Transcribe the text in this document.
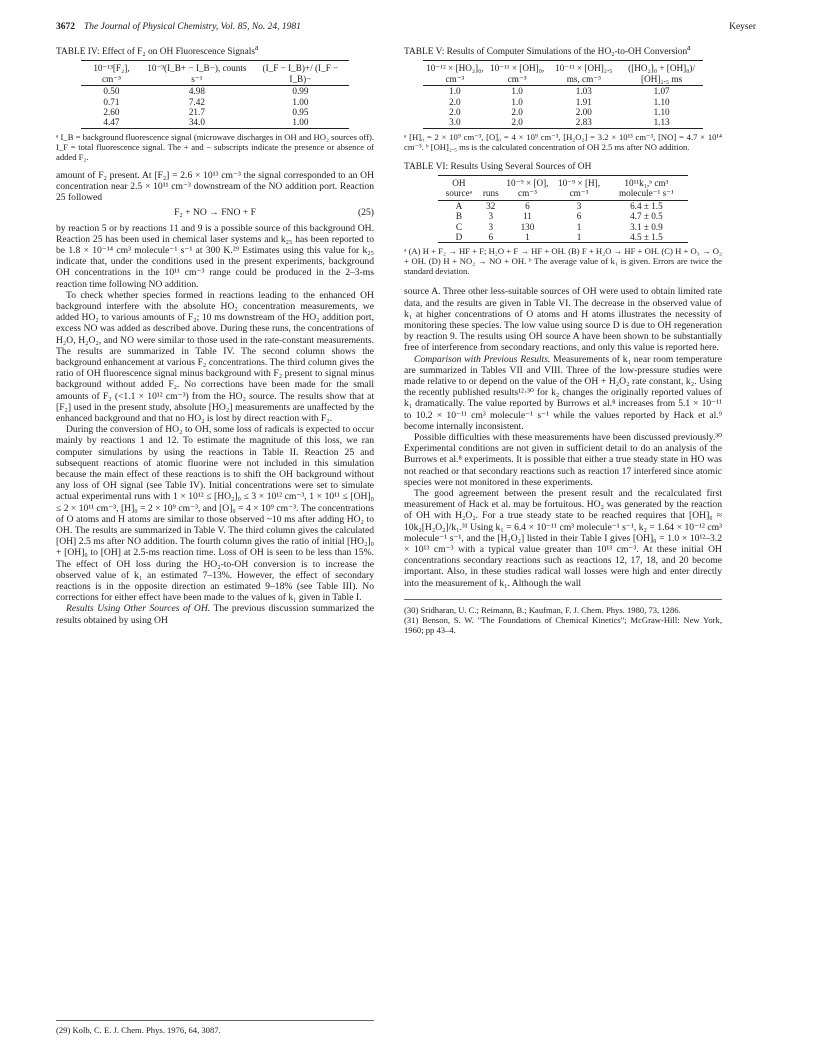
3672 The Journal of Physical Chemistry, Vol. 85, No. 24, 1981	Keyser
TABLE IV: Effect of F₂ on OH Fluorescence Signals$^a$
10⁻¹³[F₂], cm⁻³	10⁻³(I_B+ − I_B−), counts s⁻¹	(I_F − I_B)+/ (I_F − I_B)−
0.50	4.98	0.99
0.71	7.42	1.00
2.60	21.7	0.95
4.47	34.0	1.00
ᵃ I_B = background fluorescence signal (microwave discharges in OH and HO₂ sources off). I_F = total fluorescence signal. The + and − subscripts indicate the presence or absence of added F₂.

amount of F₂ present. At [F₂] = 2.6 × 10¹³ cm⁻³ the signal corresponded to an OH concentration near 2.5 × 10¹¹ cm⁻³ downstream of the NO addition port. Reaction 25 followed

F₂ + NO → FNO + F	(25)

by reaction 5 or by reactions 11 and 9 is a possible source of this background OH. Reaction 25 has been used in chemical laser systems and k₂₅ has been reported to be 1.8 × 10⁻¹⁴ cm³ molecule⁻¹ s⁻¹ at 300 K.²⁹ Estimates using this value for k₂₅ indicate that, under the conditions used in the present experiments, background OH concentrations in the 10¹¹ cm⁻³ range could be produced in the 2–3-ms reaction time following NO addition.

To check whether species formed in reactions leading to the enhanced OH background interfere with the absolute HO₂ concentration measurements, we added HO₂ to various amounts of F₂; 10 ms downstream of the HO₂ addition port, excess NO was added as described above. During these runs, the concentrations of H₂O, H₂O₂, and NO were similar to those used in the rate-constant measurements. The results are summarized in Table IV. The second column shows the background enhancement at various F₂ concentrations. The third column gives the ratio of OH fluorescence signal minus background with F₂ present to signal minus background without added F₂. No corrections have been made for the small amounts of F₂ (<1.1 × 10¹² cm⁻³) from the HO₂ source. The results show that at [F₂] used in the present study, absolute [HO₂] measurements are unaffected by the enhanced background and that no HO₂ is lost by direct reaction with F₂.

During the conversion of HO₂ to OH, some loss of radicals is expected to occur mainly by reactions 1 and 12. To estimate the magnitude of this loss, we ran computer simulations by using the reactions in Table II. Reaction 25 and subsequent reactions of atomic fluorine were not included in this simulation because the main effect of these reactions is to shift the OH background without any loss of OH signal (see Table IV). Initial concentrations were set to simulate actual experimental runs with 1 × 10¹² ≤ [HO₂]₀ ≤ 3 × 10¹² cm⁻³, 1 × 10¹¹ ≤ [OH]₀ ≤ 2 × 10¹¹ cm⁻³, [H]₀ = 2 × 10⁹ cm⁻³, and [O]₀ = 4 × 10⁹ cm⁻³. The concentrations of O atoms and H atoms are similar to those observed ~10 ms after adding HO₂ to OH. The results are summarized in Table V. The third column gives the calculated [OH] 2.5 ms after NO addition. The fourth column gives the ratio of initial [HO₂]₀ + [OH]₀ to [OH] at 2.5-ms reaction time. Loss of OH is seen to be less than 15%. The effect of OH loss during the HO₂-to-OH conversion is to increase the observed value of k₁ an estimated 7–13%. However, the effect of secondary reactions is in the opposite direction an estimated 9–18% (see Table III). No corrections for either effect have been made to the values of k₁ given in Table I.

Results Using Other Sources of OH. The previous discussion summarized the results obtained by using OH

(29) Kolb, C. E. J. Chem. Phys. 1976, 64, 3087.
TABLE V: Results of Computer Simulations of the HO₂-to-OH Conversion$^a$
10⁻¹² × [HO₂]₀, cm⁻³	10⁻¹¹ × [OH]₀, cm⁻³	10⁻¹¹ × [OH]₂.₅ ms, cm⁻³	([HO₂]₀ + [OH]₀)/ [OH]₂.₅ ms
1.0	1.0	1.03	1.07
2.0	1.0	1.91	1.10
2.0	2.0	2.00	1.10
3.0	2.0	2.83	1.13
ᵃ [H]₀ = 2 × 10⁹ cm⁻³, [O]₀ = 4 × 10⁹ cm⁻³, [H₂O₂] = 3.2 × 10¹³ cm⁻³, [NO] = 4.7 × 10¹⁴ cm⁻³. ᵇ [OH]₂.₅ ms is the calculated concentration of OH 2.5 ms after NO addition.
TABLE VI: Results Using Several Sources of OH
OH sourceᵃ	runs	10⁻⁹ × [O], cm⁻³	10⁻⁹ × [H], cm⁻³	10¹¹k₁,ᵇ cm³ molecule⁻¹ s⁻¹
A	32	6	3	6.4 ± 1.5
B	3	11	6	4.7 ± 0.5
C	3	130	1	3.1 ± 0.9
D	6	1	1	4.5 ± 1.5
ᵃ (A) H + F₂ → HF + F; H₂O + F → HF + OH. (B) F + H₂O → HF + OH. (C) H + O₃ → O₂ + OH. (D) H + NO₂ → NO + OH. ᵇ The average value of k₁ is given. Errors are twice the standard deviation.

source A. Three other less-suitable sources of OH were used to obtain limited rate data, and the results are given in Table VI. The decrease in the observed value of k₁ at higher concentrations of O atoms and H atoms illustrates the necessity of monitoring these species. The low value using source D is due to OH regeneration by reaction 9. The results using OH source A have been shown to be substantially free of interference from secondary reactions, and only this value is reported here.

Comparison with Previous Results. Measurements of k₁ near room temperature are summarized in Tables VII and VIII. Three of the low-pressure studies were made relative to or depend on the value of the OH + H₂O₂ rate constant, k₂. Using the recently published results¹²·³⁰ for k₂ changes the originally reported values of k₁ dramatically. The value reported by Burrows et al.⁸ increases from 5.1 × 10⁻¹¹ to 10.2 × 10⁻¹¹ cm³ molecule⁻¹ s⁻¹ while the values reported by Hack et al.⁹ become internally inconsistent.

Possible difficulties with these measurements have been discussed previously.³⁰ Experimental conditions are not given in sufficient detail to do an analysis of the Burrows et al.⁸ experiments. It is possible that either a true steady state in HO was not reached or that secondary reactions such as reaction 17 interfered since atomic species were not monitored in these experiments.

The good agreement between the present result and the recalculated first measurement of Hack et al. may be fortuitous. HO₂ was generated by the reaction of OH with H₂O₂. For a true steady state to be reached requires that [OH]₀ ≈ 10k₂[H₂O₂]/k₁.³¹ Using k₁ = 6.4 × 10⁻¹¹ cm³ molecule⁻¹ s⁻¹, k₂ = 1.64 × 10⁻¹² cm³ molecule⁻¹ s⁻¹, and the [H₂O₂] listed in their Table I gives [OH]₀ = 1.0 × 10¹²–3.2 × 10¹³ cm⁻³ with a typical value greater than 10¹³ cm⁻³. At these initial OH concentrations secondary reactions such as reactions 12, 17, 18, and 20 become important. Also, in these studies radical wall losses were high and enter directly into the measurement of k₁. Although the wall

(30) Sridharan, U. C.; Reimann, B.; Kaufman, F. J. Chem. Phys. 1980, 73, 1286.
(31) Benson, S. W. "The Foundations of Chemical Kinetics"; McGraw-Hill: New York, 1960; pp 43–4.
